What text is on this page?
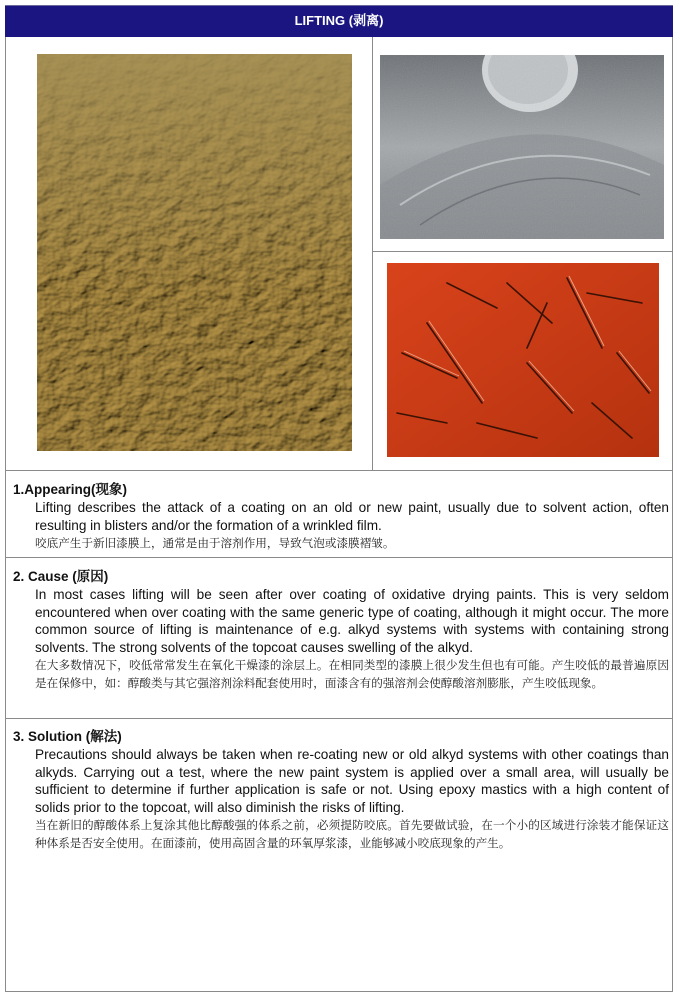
LIFTING (剥离)

1.Appearing(现象)

Lifting describes the attack of a coating on an old or new paint, usually due to solvent action, often resulting in blisters and/or the formation of a wrinkled film.

咬底产生于新旧漆膜上，通常是由于溶剂作用，导致气泡或漆膜褶皱。

2. Cause (原因)

In most cases lifting will be seen after over coating of oxidative drying paints. This is very seldom encountered when over coating with the same generic type of coating, although it might occur. The more common source of lifting is maintenance of e.g. alkyd systems with systems with containing strong solvents. The strong solvents of the topcoat causes swelling of the alkyd.

在大多数情况下，咬低常常发生在氧化干燥漆的涂层上。在相同类型的漆膜上很少发生但也有可能。产生咬低的最普遍原因是在保修中，如：醇酸类与其它强溶剂涂料配套使用时，面漆含有的强溶剂会使醇酸溶剂膨胀，产生咬低现象。

3. Solution (解法)

Precautions should always be taken when re-coating new or old alkyd systems with other coatings than alkyds. Carrying out a test, where the new paint system is applied over a small area, will usually be sufficient to determine if further application is safe or not. Using epoxy mastics with a high content of solids prior to the topcoat, will also diminish the risks of lifting.

当在新旧的醇酸体系上复涂其他比醇酸强的体系之前，必须提防咬底。首先要做试验，在一个小的区域进行涂装才能保证这种体系是否安全使用。在面漆前，使用高固含量的环氧厚浆漆，业能够减小咬底现象的产生。
